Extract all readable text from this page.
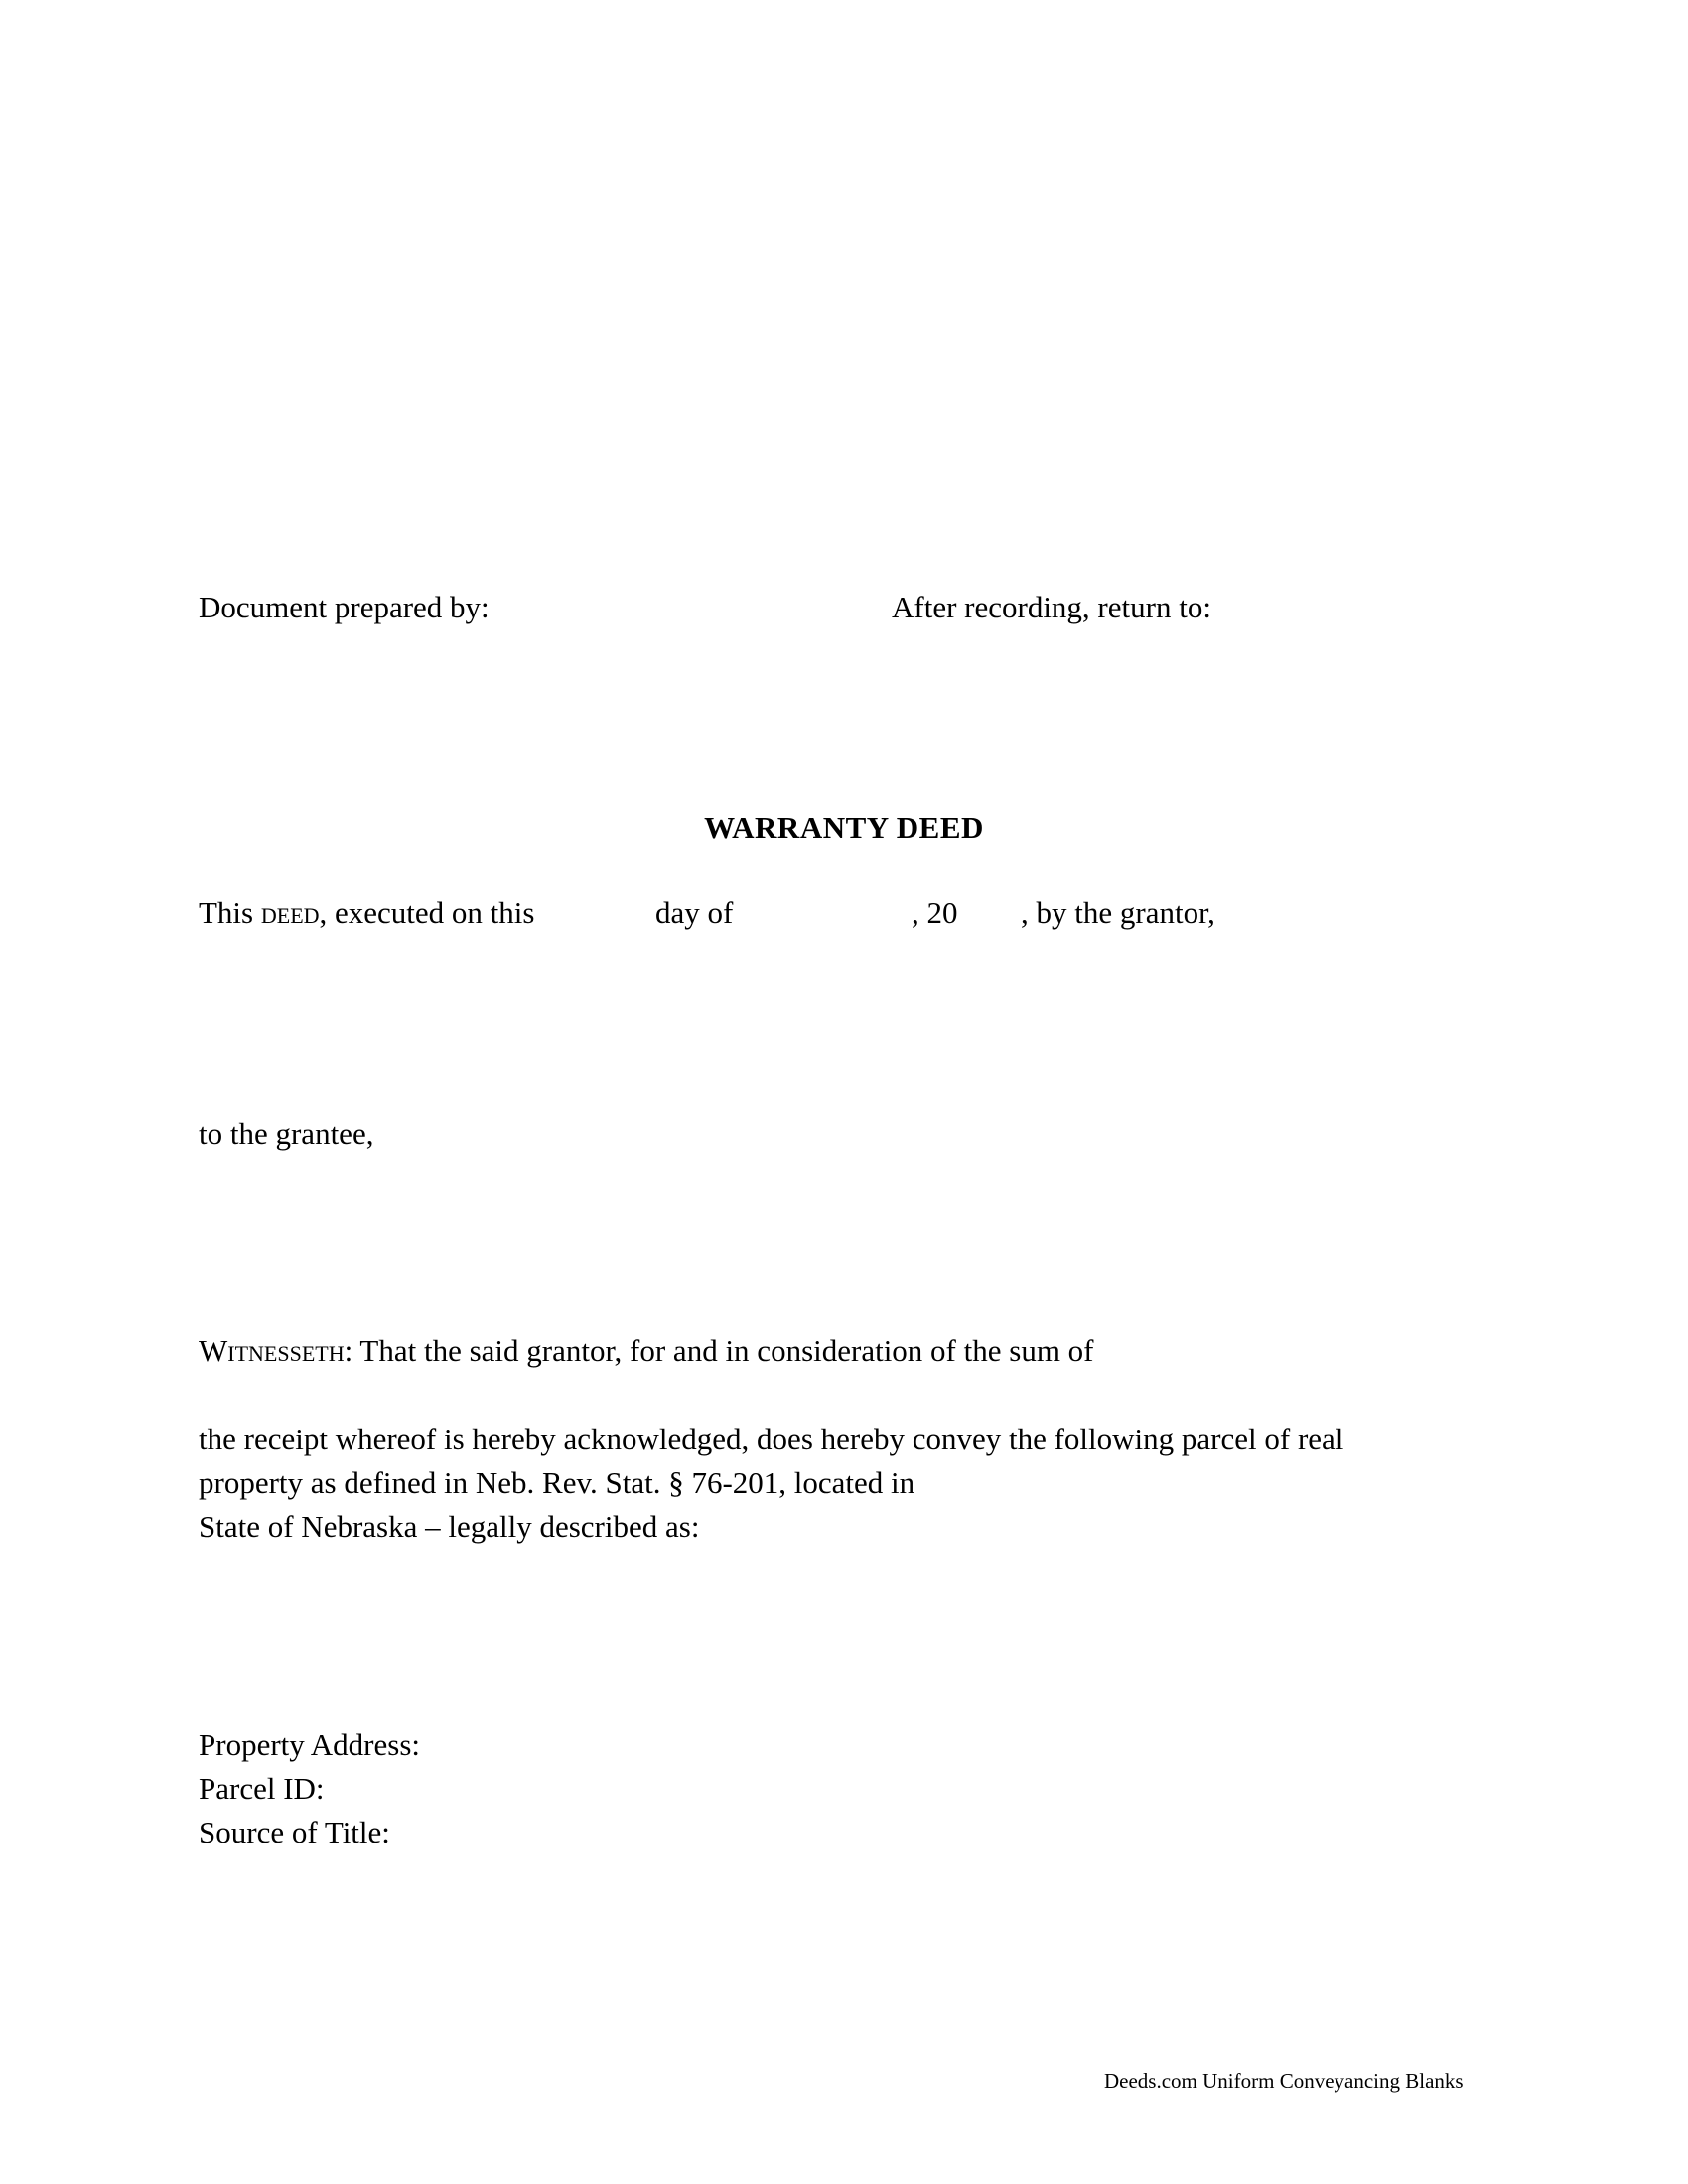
Document prepared by:	After recording, return to:
WARRANTY DEED
This deed, executed on this	day of	, 20 , by the grantor,
to the grantee,
Witnesseth: That the said grantor, for and in consideration of the sum of
the receipt whereof is hereby acknowledged, does hereby convey the following parcel of real
property as defined in Neb. Rev. Stat. § 76-201, located in
State of Nebraska – legally described as:
Property Address:
Parcel ID:
Source of Title:
Deeds.com Uniform Conveyancing Blanks
